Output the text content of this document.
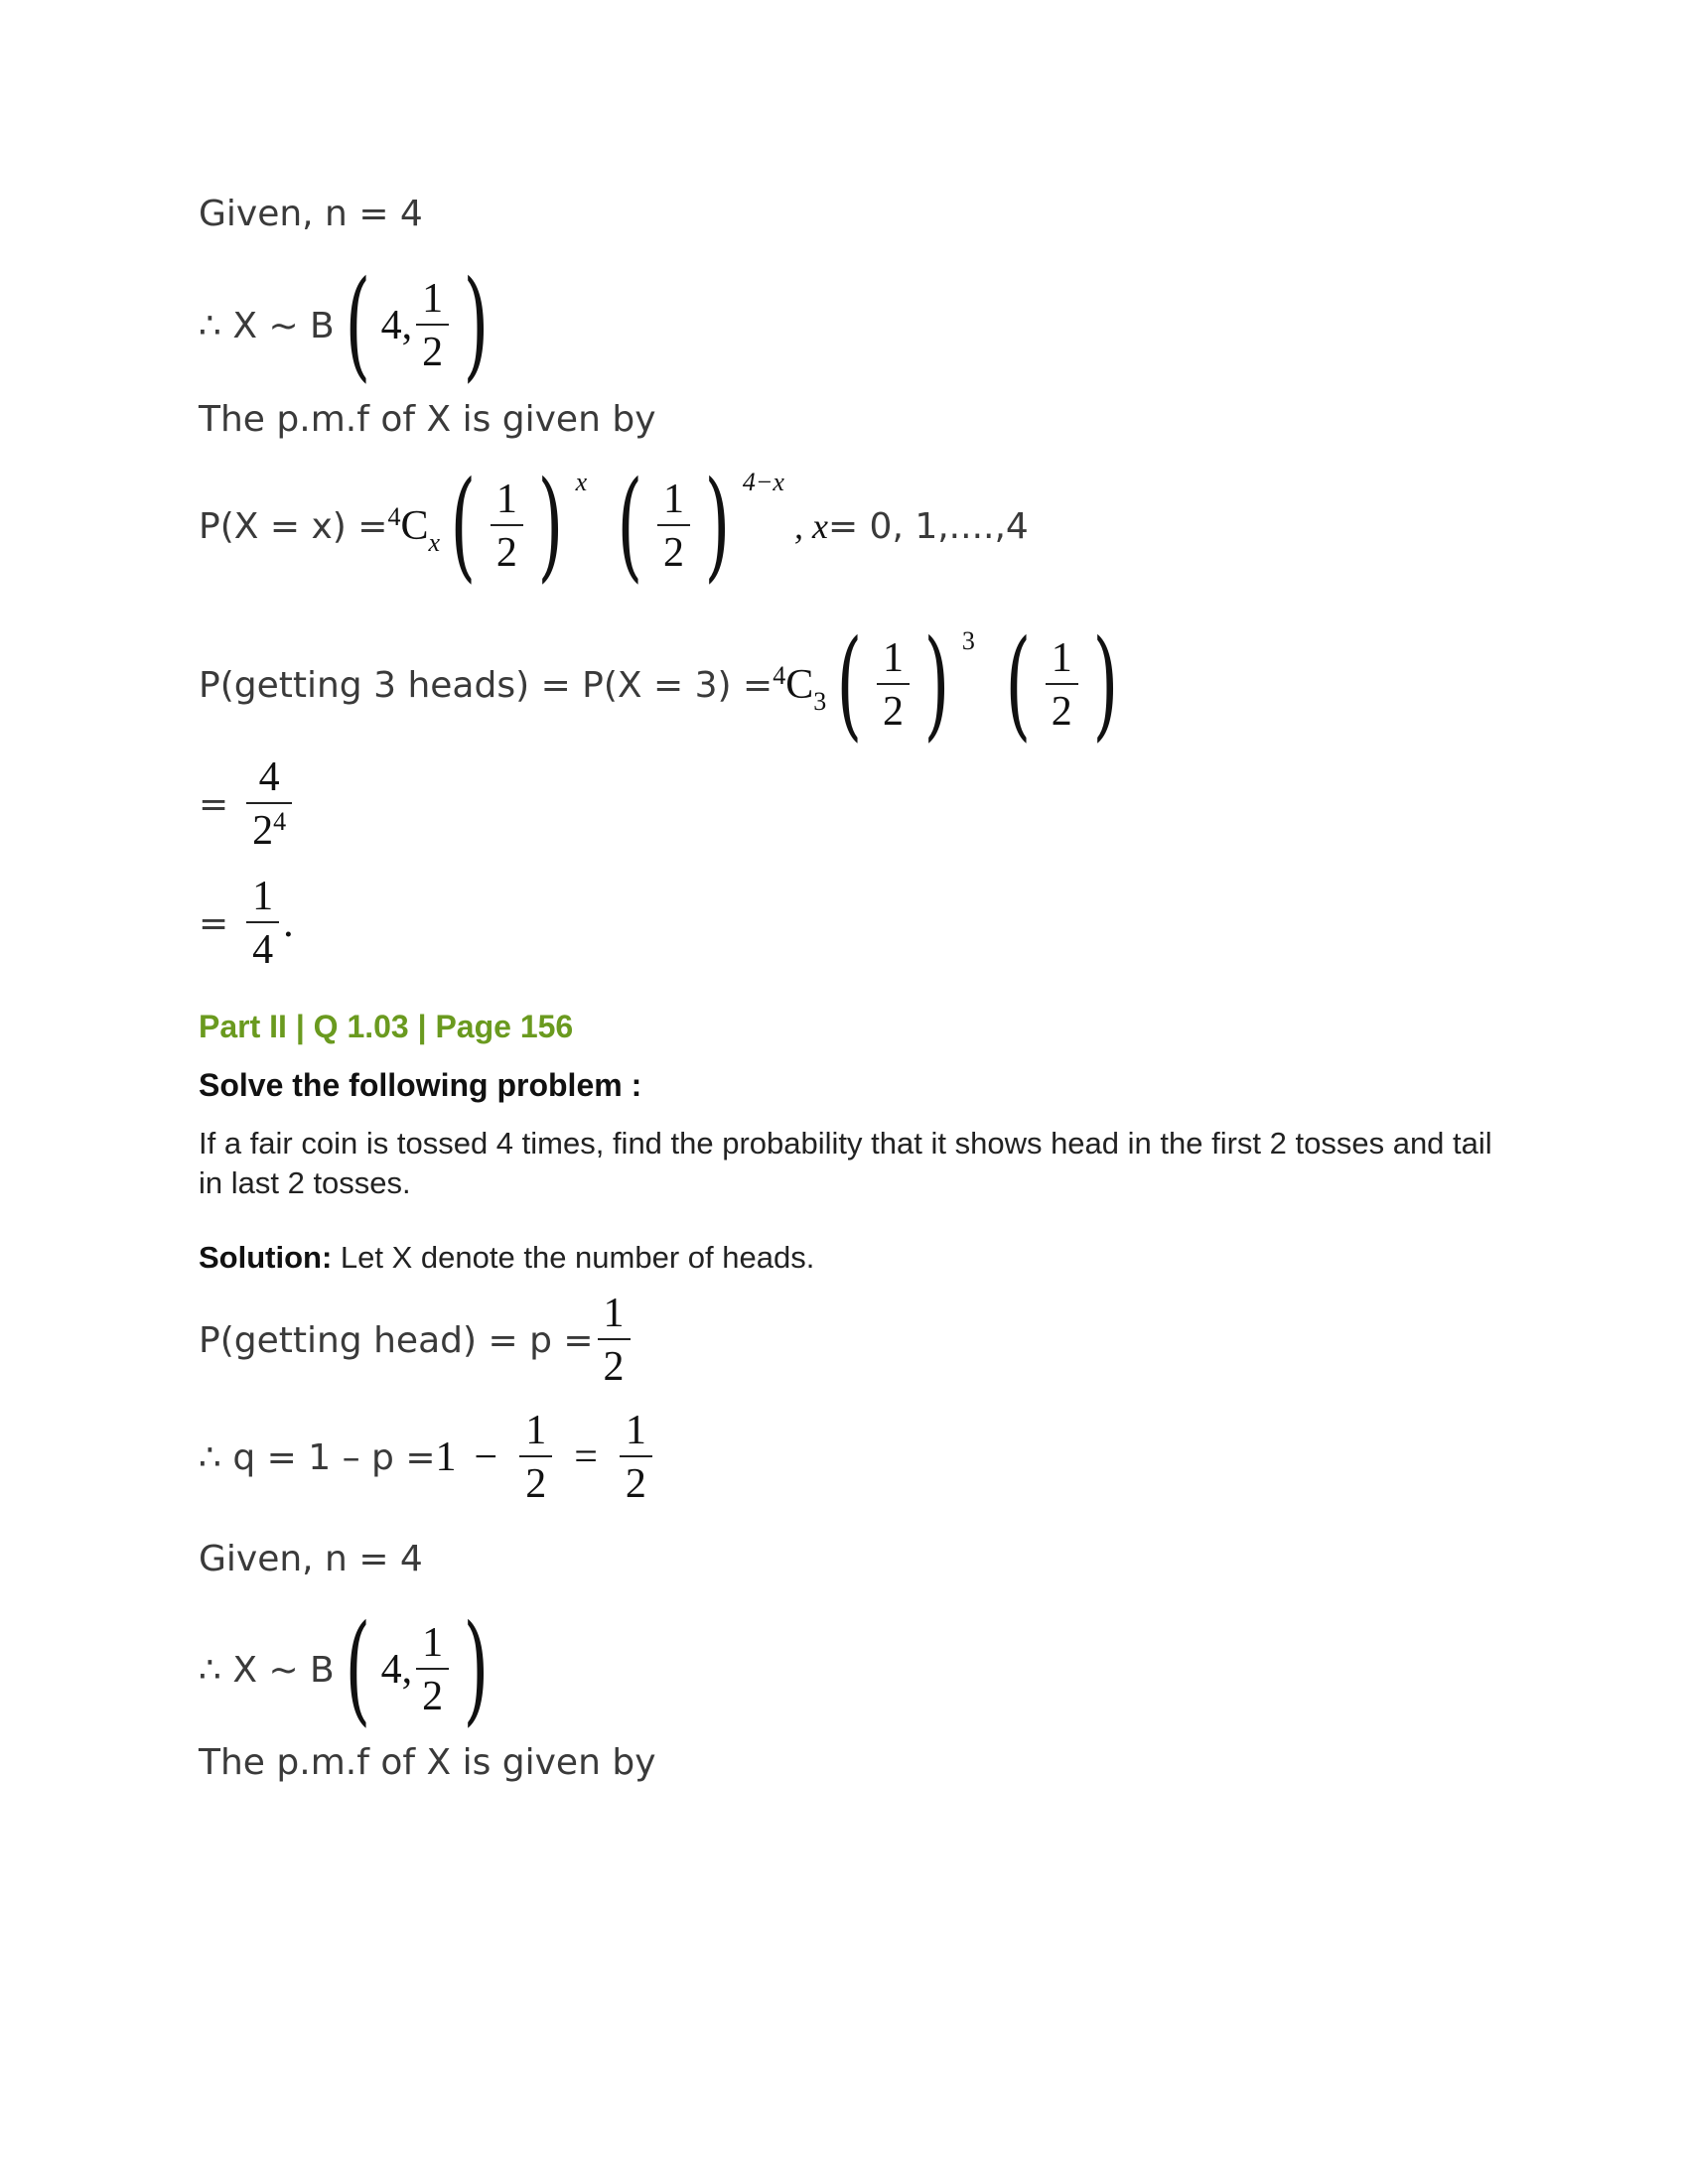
Given, n = 4
∴ X ~ B ( 4, $\frac{1}{2}$ )
The p.m.f of X is given by
$P(X = x) = ^4C_x$ ( $\frac{1}{2}$ ) x ( $\frac{1}{2}$ ) 4−x
, x = 0, 1,....,4
P(getting 3 heads) = $P(X = 3) = ^4C_3$ ( $\frac{1}{2}$ ) 3 ( $\frac{1}{2}$ )
= $\frac{4}{2^4}$
= $\frac{1}{4}$ .
Part II | Q 1.03 | Page 156
Solve the following problem :
If a fair coin is tossed 4 times, find the probability that it shows head in the first 2 tosses and tail in last 2 tosses.
Solution: Let X denote the number of heads.
P(getting head) = $p = \frac{1}{2}$
∴ $q = 1 - p = 1 - \frac{1}{2} = \frac{1}{2}$
Given, n = 4
∴ X ~ B ( 4, $\frac{1}{2}$ )
The p.m.f of X is given by
